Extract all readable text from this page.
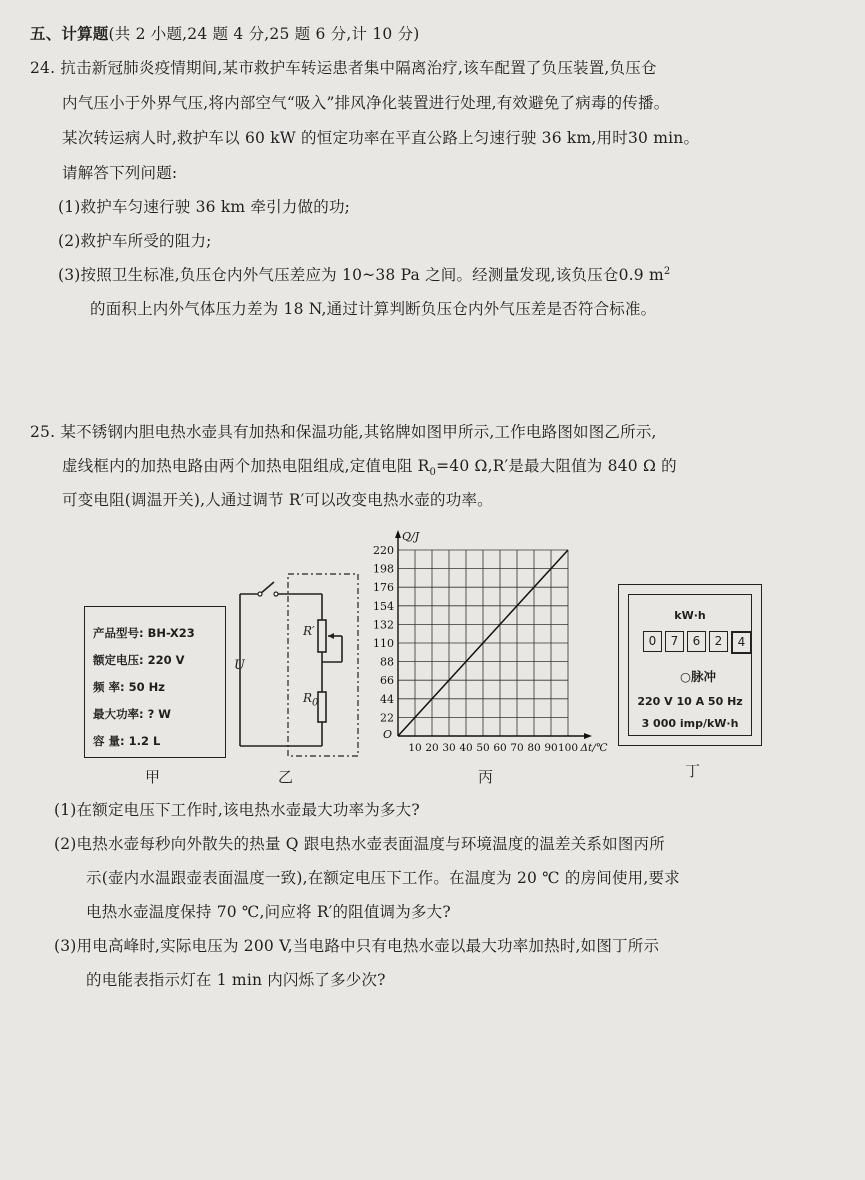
五、计算题(共 2 小题,24 题 4 分,25 题 6 分,计 10 分)
24. 抗击新冠肺炎疫情期间,某市救护车转运患者集中隔离治疗,该车配置了负压装置,负压仓
内气压小于外界气压,将内部空气“吸入”排风净化装置进行处理,有效避免了病毒的传播。
某次转运病人时,救护车以 60 kW 的恒定功率在平直公路上匀速行驶 36 km,用时30 min。
请解答下列问题:
(1)救护车匀速行驶 36 km 牵引力做的功;
(2)救护车所受的阻力;
(3)按照卫生标准,负压仓内外气压差应为 10~38 Pa 之间。经测量发现,该负压仓0.9 $m^2$
的面积上内外气体压力差为 18 N,通过计算判断负压仓内外气压差是否符合标准。
25. 某不锈钢内胆电热水壶具有加热和保温功能,其铭牌如图甲所示,工作电路图如图乙所示,
虚线框内的加热电路由两个加热电阻组成,定值电阻 $R_0=40$ Ω,R′是最大阻值为 840 Ω 的
可变电阻(调温开关),人通过调节 R′可以改变电热水壶的功率。
产品型号: BH-X23
额定电压: 220 V
频 率: 50 Hz
最大功率: ? W
容 量: 1.2 L
U
R′
$R_0$
22
44
66
88
110
132
154
176
198
220
10 20 30 40 50 60 70 80 90 100
Q/J
Δt/℃
O
kW·h
0	7	6	2	4
○脉冲
220 V 10 A 50 Hz
3 000 imp/kW·h
甲	乙	丙	丁
(1)在额定电压下工作时,该电热水壶最大功率为多大?
(2)电热水壶每秒向外散失的热量 Q 跟电热水壶表面温度与环境温度的温差关系如图丙所
示(壶内水温跟壶表面温度一致),在额定电压下工作。在温度为 20 ℃ 的房间使用,要求
电热水壶温度保持 70 ℃,问应将 R′的阻值调为多大?
(3)用电高峰时,实际电压为 200 V,当电路中只有电热水壶以最大功率加热时,如图丁所示
的电能表指示灯在 1 min 内闪烁了多少次?
